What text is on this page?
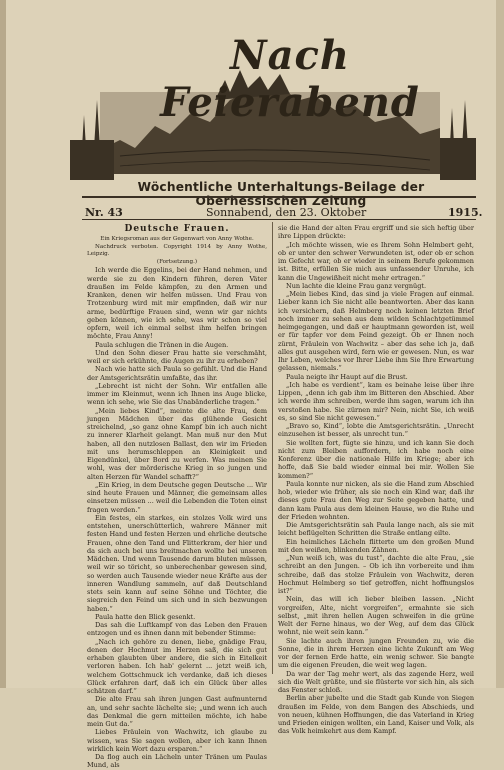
Nach Feierabend
Wöchentliche Unterhaltungs-Beilage der Oberhessischen Zeitung
Nr. 43	Sonnabend, den 23. Oktober	1915.
Deutsche Frauen.

Ein Kriegsroman aus der Gegenwart von Anny Wothe.

Nachdruck verboten. Copyright 1914 by Anny Wothe, Leipzig.

(Fortsetzung.)

Ich werde die Eggelins, bei der Hand nehmen, und werde sie zu den Kindern führen, deren Väter draußen im Felde kämpfen, zu den Armen und Kranken, denen wir helfen müssen. Und Frau von Trotzenburg wird mit mir empfinden, daß wir nur arme, bedürftige Frauen sind, wenn wir gar nichts geben können, wie ich sehe, was wir schon so viel opfern, weil ich einmal selbst ihm helfen bringen möchte, Frau Anny!

Paula schlugen die Tränen in die Augen.

Und den Sohn dieser Frau hatte sie verschmäht, weil er sich erkühnte, die Augen zu ihr zu erheben?

Nach wie hatte sich Paula so gefühlt. Und die Hand der Amtsgerichtsrätin umfaßte, das ihr.

„Lebrecht ist nicht der Sohn. Wir entfallen alle immer im Kleinmut, wenn ich Ihnen ins Auge blicke, wenn ich sehe, wie Sie das Unabänderliche tragen.“

„Mein liebes Kind“, meinte die alte Frau, dem jungen Mädchen über das glühende Gesicht streichelnd, „so ganz ohne Kampf bin ich auch nicht zu innerer Klarheit gelangt. Man muß nur den Mut haben, all den nutzlosen Ballast, den wir im Frieden mit uns herumschleppen an Kleinigkeit und Eigendünkel, über Bord zu werfen. Was meinen Sie wohl, was der mörderische Krieg in so jungen und alten Herzen für Wandel schafft?“

„Ein Krieg, in dem Deutsche gegen Deutsche ... Wir sind heute Frauen und Männer, die gemeinsam alles einsetzen müssen ... weil die Lebenden die Toten einst fragen werden.“

Ein festes, ein starkes, ein stolzes Volk wird uns entstehen, unerschütterlich, wahrere Männer mit festen Hand und festen Herzen und ehrliche deutsche Frauen, ohne den Tand und Flitterkram, der hier und da sich auch bei uns breitmachen wollte bei unseren Mädchen. Und wenn Tausende darum bluten müssen, weil wir so töricht, so unberechenbar gewesen sind, so werden auch Tausende wieder neue Kräfte aus der inneren Wandlung sammeln, auf daß Deutschland stets sein kann auf seine Söhne und Töchter, die siegreich den Feind um sich und in sich bezwungen haben.“

Paula hatte den Blick gesenkt.

Das sah die Luftkampf von das Leben den Frauen entzogen und es ihnen dann mit bebender Stimme:

„Nach ich gehöre zu denen, liebe, gnädige Frau, denen der Hochmut im Herzen saß, die sich gut erhaben glaubten über andere, die sich in Eitelkeit verloren haben. Ich hab' gelernt ... jetzt weiß ich, welchem Gottschmuck ich verdanke, daß ich dieses Glück erfahren darf, daß ich ein Glück über alles schätzen darf.“

Die alte Frau sah ihren jungen Gast aufmunternd an, und sehr sachte lächelte sie; „und wenn ich auch das Denkmal die gern mitteilen möchte, ich habe mein Gut da.“

Liebes Fräulein von Wachwitz, ich glaube zu wissen, was Sie sagen wollen, aber ich kann Ihnen wirklich kein Wort dazu ersparen.“

Da flog auch ein Lächeln unter Tränen um Paulas Mund, als

sie die Hand der alten Frau ergriff und sie sich heftig über ihre Lippen drückte:

„Ich möchte wissen, wie es Ihrem Sohn Helmbert geht, ob er unter den schwer Verwundeten ist, oder ob er schon im Gefecht war, ob er wieder in seinem Berufe gekommen ist. Bitte, erfüllen Sie mich aus unfassender Unruhe, ich kann die Ungewißheit nicht mehr ertragen.“

Nun lachte die kleine Frau ganz vergnügt.

„Mein liebes Kind, das sind ja viele Fragen auf einmal. Lieber kann ich Sie nicht alle beantworten. Aber das kann ich versichern, daß Helmberg noch keinen letzten Brief noch immer zu sehen aus dem wilden Schlachtgetümmel heimgegangen, und daß er hauptmann geworden ist, weil er für tapfer vor dem Feind gezeigt. Ob er Ihnen noch zürnt, Fräulein von Wachwitz – aber das sehe ich ja, daß alles gut ausgehen wird, fern wie er gewesen. Nun, es war Ihr Leben, welches vor Ihrer Liebe ihm Sie Ihre Erwartung gelassen, niemals.“

Paula neigte ihr Haupt auf die Brust.

„Ich habe es verdient“, kam es beinahe leise über ihre Lippen, „denn ich gab ihm im Bitteren den Abschied. Aber ich werde ihm schreiben, werde ihm sagen, warum ich ihn verstoßen habe. Sie zürnen mir? Nein, nicht Sie, ich weiß es, so sind Sie nicht gewesen.“

„Bravo so, Kind“, lobte die Amtsgerichtsrätin. „Unrecht einzusehen ist besser, als unrecht tun.“

Sie wollten fort, fügte sie hinzu, und ich kann Sie doch nicht zum Bleiben auffordern, ich habe noch eine Konferenz über die nationale Hilfe im Kriege; aber ich hoffe, daß Sie bald wieder einmal bei mir. Wollen Sie kommen?“

Paula konnte nur nicken, als sie die Hand zum Abschied hob, wieder wie früher, als sie noch ein Kind war, daß ihr dieses gute Frau den Weg zur Seite gegeben hatte, und dann kam Paula aus dem kleinen Hause, wo die Ruhe und der Frieden wohnten.

Die Amtsgerichtsrätin sah Paula lange nach, als sie mit leicht beflügelten Schritten die Straße entlang eilte.

Ein heimliches Lächeln flitterte um den großen Mund mit den weißen, blinkenden Zähnen.

„Nun weiß ich, was du tust“, dachte die alte Frau, „sie schreibt an den Jungen. – Ob ich ihn vorbereite und ihm schreibe, daß das stolze Fräulein von Wachwitz, deren Hochmut Helmberg so tief getroffen, nicht hoffnungslos ist?“

Nein, das will ich lieber bleiben lassen. „Nicht vorgreifen, Alte, nicht vorgreifen“, ermahnte sie sich selbst, „mit ihren hellen Augen schweifen in die grüne Welt der Ferne hinaus, wo der Weg, auf dem das Glück wohnt, nie weit sein kann.“

Sie lachte auch ihren jungen Freunden zu, wie die Sonne, die in ihrem Herzen eine lichte Zukunft am Weg vor der fernen Erde hatte, ein wenig schwer. Sie bangte um die eigenen Freuden, die weit weg lagen.

Da war der Tag mehr wert, als das zagende Herz, weil sich die Welt grüßte, und sie flüsterte vor sich hin, als sich das Fenster schloß.

Berlin aber jubelte und die Stadt gab Kunde von Siegen draußen im Felde, von dem Bangen des Abschieds, und von neuen, kühnen Hoffnungen, die das Vaterland in Krieg und Frieden einigen wollten, ein Land, Kaiser und Volk, als das Volk heimkehrt aus dem Kampf.
